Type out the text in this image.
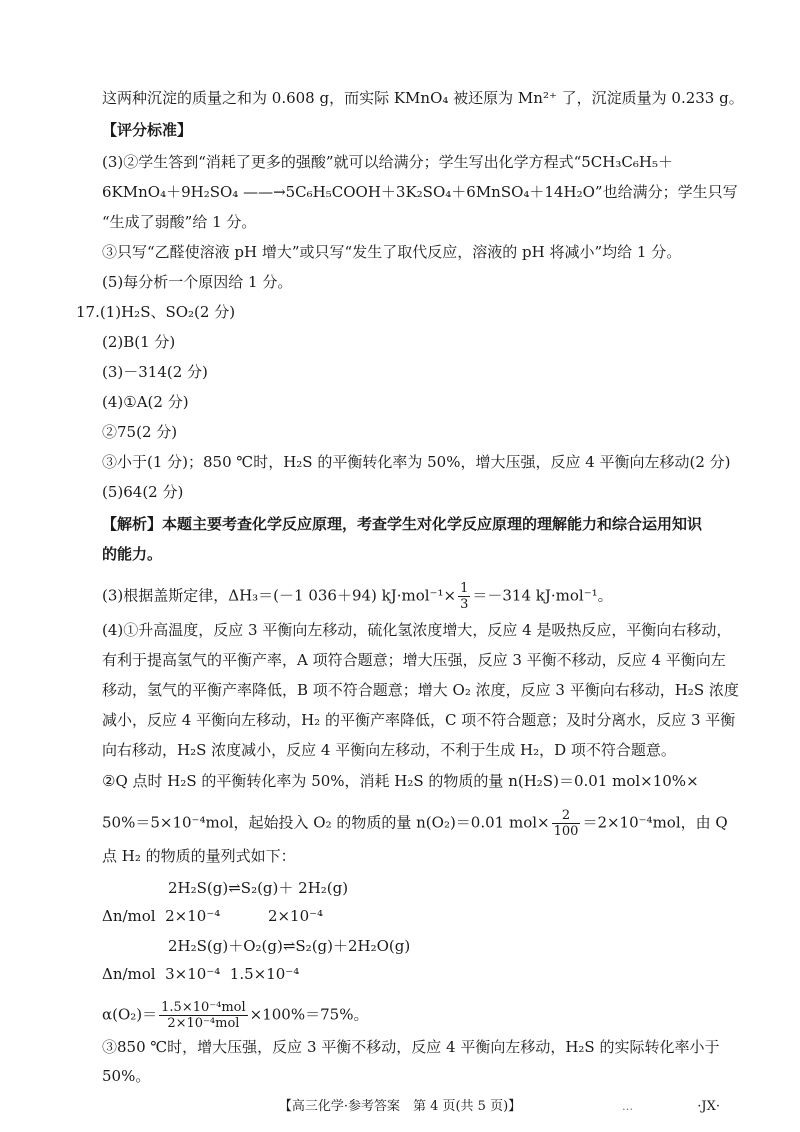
这两种沉淀的质量之和为 0.608 g，而实际 KMnO₄ 被还原为 Mn²⁺ 了，沉淀质量为 0.233 g。
【评分标准】
(3)②学生答到“消耗了更多的强酸”就可以给满分；学生写出化学方程式“5CH₃C₆H₅＋
6KMnO₄＋9H₂SO₄ ——→5C₆H₅COOH＋3K₂SO₄＋6MnSO₄＋14H₂O”也给满分；学生只写
“生成了弱酸”给 1 分。
③只写“乙醛使溶液 pH 增大”或只写“发生了取代反应，溶液的 pH 将减小”均给 1 分。
(5)每分析一个原因给 1 分。
17.(1)H₂S、SO₂(2 分)
(2)B(1 分)
(3)－314(2 分)
(4)①A(2 分)
②75(2 分)
③小于(1 分)；850 ℃时，H₂S 的平衡转化率为 50%，增大压强，反应 4 平衡向左移动(2 分)
(5)64(2 分)
【解析】本题主要考查化学反应原理，考查学生对化学反应原理的理解能力和综合运用知识
的能力。
(3)根据盖斯定律，ΔH₃＝(－1 036＋94) $kJ\cdot mol^{-1}\times \frac{1}{3} =-314$ kJ·mol⁻¹。
(4)①升高温度，反应 3 平衡向左移动，硫化氢浓度增大，反应 4 是吸热反应，平衡向右移动，
有利于提高氢气的平衡产率，A 项符合题意；增大压强，反应 3 平衡不移动，反应 4 平衡向左
移动，氢气的平衡产率降低，B 项不符合题意；增大 O₂ 浓度，反应 3 平衡向右移动，H₂S 浓度
减小，反应 4 平衡向左移动，H₂ 的平衡产率降低，C 项不符合题意；及时分离水，反应 3 平衡
向右移动，H₂S 浓度减小，反应 4 平衡向左移动，不利于生成 H₂，D 项不符合题意。
②Q 点时 H₂S 的平衡转化率为 50%，消耗 H₂S 的物质的量 n(H₂S)＝0.01 mol×10%×
50%＝5×10⁻⁴mol，起始投入 O₂ 的物质的量 n(O₂)＝0.01 $mol\times \frac{2}{100} =2\times 10^{-4}mol$，由 Q
点 H₂ 的物质的量列式如下：
2H₂S(g)⇌S₂(g)＋ 2H₂(g)
Δn/mol  2×10⁻⁴          2×10⁻⁴
2H₂S(g)＋O₂(g)⇌S₂(g)＋2H₂O(g)
Δn/mol  3×10⁻⁴  1.5×10⁻⁴
$\alpha(O_2)= \frac{\text{1.5×10⁻⁴mol}}{\text{2×10⁻⁴mol}} \times 100\%=75\%$。
③850 ℃时，增大压强，反应 3 平衡不移动，反应 4 平衡向左移动，H₂S 的实际转化率小于
50%。
【高三化学·参考答案　第 4 页(共 5 页)】	…	·JX·
